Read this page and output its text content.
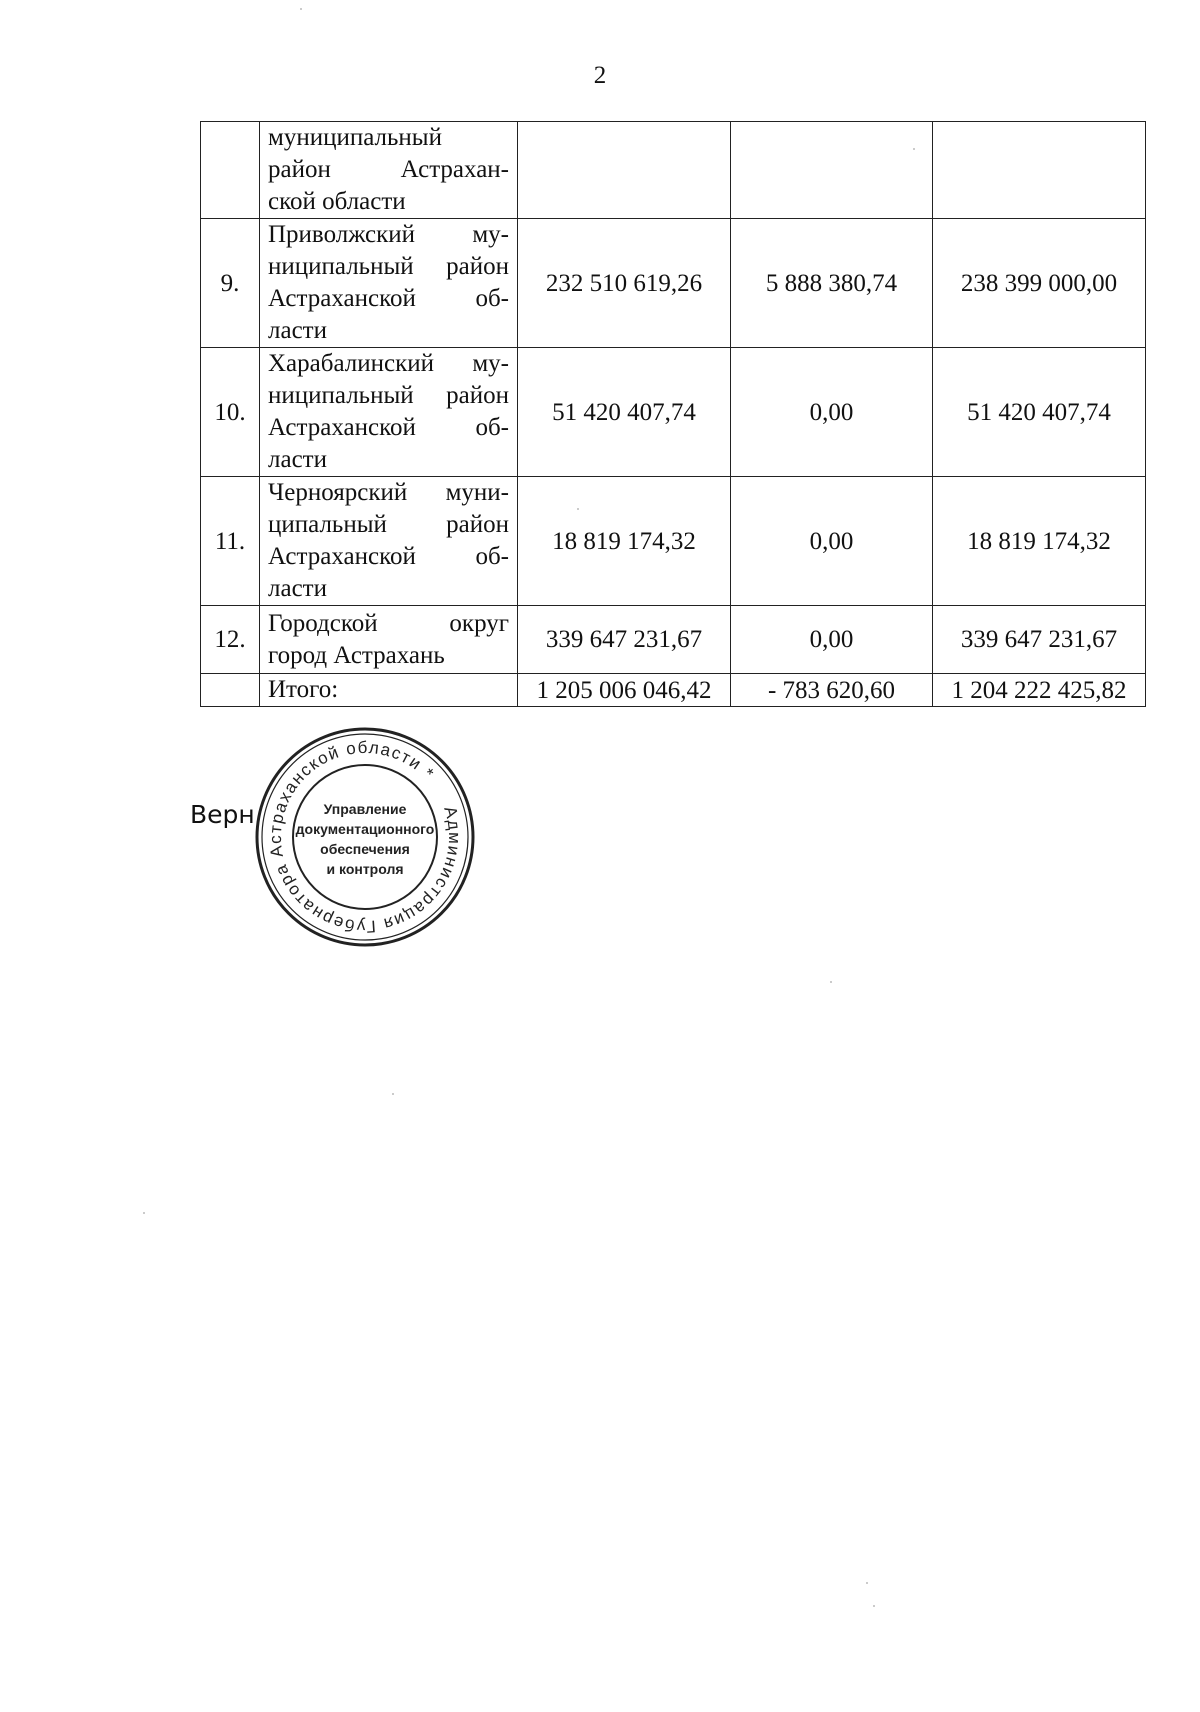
2

	муниципальный
район Астрахан-
ской области			

9.	Приволжский му-
ниципальный район
Астраханской об-
ласти	232 510 619,26	5 888 380,74	238 399 000,00
10.	Харабалинский му-
ниципальный район
Астраханской об-
ласти	51 420 407,74	0,00	51 420 407,74
11.	Черноярский муни-
ципальный район
Астраханской об-
ласти	18 819 174,32	0,00	18 819 174,32
12.	Городской округ
город Астрахань	339 647 231,67	0,00	339 647 231,67
	Итого:	1 205 006 046,42	- 783 620,60	1 204 222 425,82
Верн	Администрация Губернатора Астраханской области *
Управление
документационного
обеспечения
и контроля
